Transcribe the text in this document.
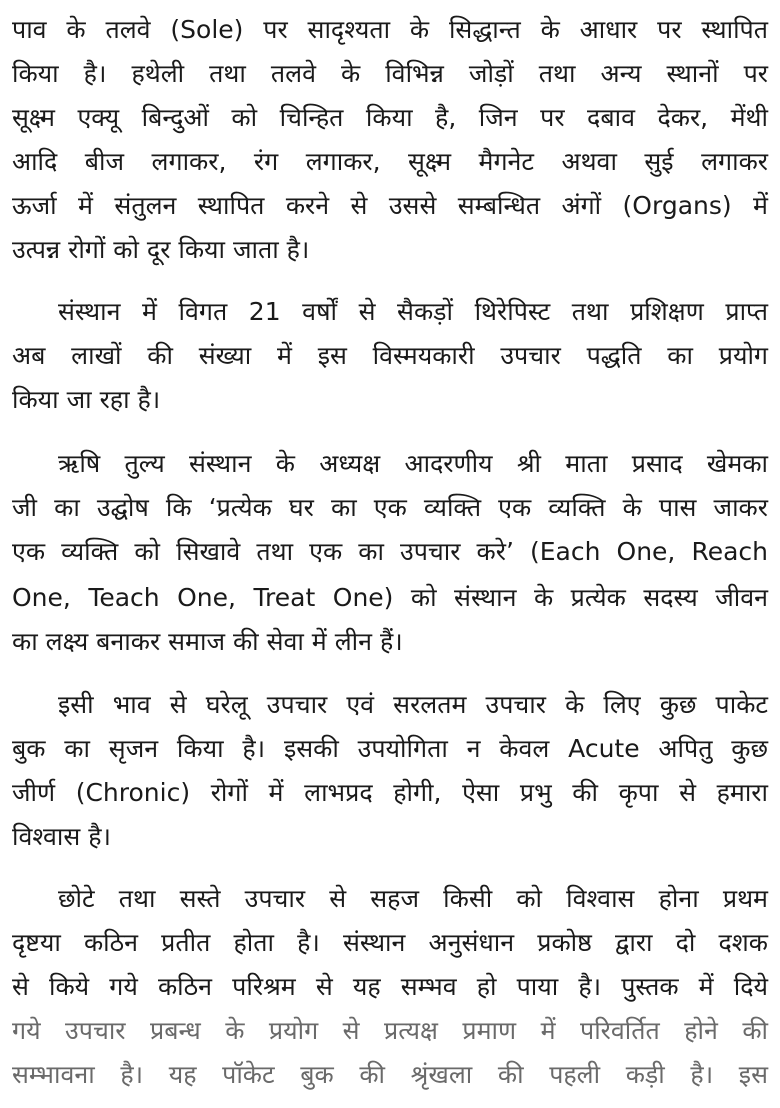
पाव के तलवे (Sole) पर सादृश्यता के सिद्धान्त के आधार पर स्थापित
किया है। हथेली तथा तलवे के विभिन्न जोड़ों तथा अन्य स्थानों पर
सूक्ष्म एक्यू बिन्दुओं को चिन्हित किया है, जिन पर दबाव देकर, मेंथी
आदि बीज लगाकर, रंग लगाकर, सूक्ष्म मैगनेट अथवा सुई लगाकर
ऊर्जा में संतुलन स्थापित करने से उससे सम्बन्धित अंगों (Organs) में
उत्पन्न रोगों को दूर किया जाता है।
संस्थान में विगत 21 वर्षों से सैकड़ों थिरेपिस्ट तथा प्रशिक्षण प्राप्त
अब लाखों की संख्या में इस विस्मयकारी उपचार पद्धति का प्रयोग
किया जा रहा है।
ऋषि तुल्य संस्थान के अध्यक्ष आदरणीय श्री माता प्रसाद खेमका
जी का उद्घोष कि ‘प्रत्येक घर का एक व्यक्ति एक व्यक्ति के पास जाकर
एक व्यक्ति को सिखावे तथा एक का उपचार करे’ (Each One, Reach
One, Teach One, Treat One) को संस्थान के प्रत्येक सदस्य जीवन
का लक्ष्य बनाकर समाज की सेवा में लीन हैं।
इसी भाव से घरेलू उपचार एवं सरलतम उपचार के लिए कुछ पाकेट
बुक का सृजन किया है। इसकी उपयोगिता न केवल Acute अपितु कुछ
जीर्ण (Chronic) रोगों में लाभप्रद होगी, ऐसा प्रभु की कृपा से हमारा
विश्वास है।
छोटे तथा सस्ते उपचार से सहज किसी को विश्वास होना प्रथम
दृष्टया कठिन प्रतीत होता है। संस्थान अनुसंधान प्रकोष्ठ द्वारा दो दशक
से किये गये कठिन परिश्रम से यह सम्भव हो पाया है। पुस्तक में दिये
गये उपचार प्रबन्ध के प्रयोग से प्रत्यक्ष प्रमाण में परिवर्तित होने की
सम्भावना है। यह पॉकेट बुक की श्रृंखला की पहली कड़ी है। इस
